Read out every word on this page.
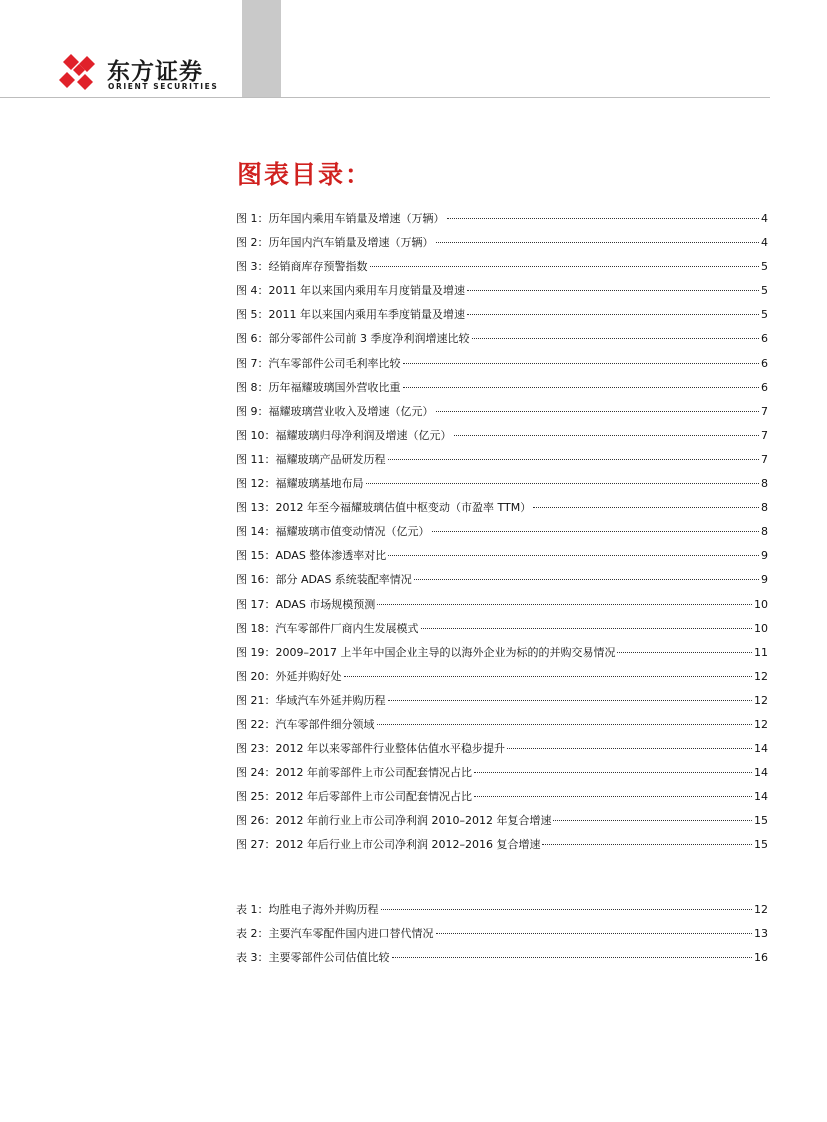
东方证券
ORIENT SECURITIES
图表目录：
图 1：历年国内乘用车销量及增速（万辆）	4
图 2：历年国内汽车销量及增速（万辆）	4
图 3：经销商库存预警指数	5
图 4：2011 年以来国内乘用车月度销量及增速	5
图 5：2011 年以来国内乘用车季度销量及增速	5
图 6：部分零部件公司前 3 季度净利润增速比较	6
图 7：汽车零部件公司毛利率比较	6
图 8：历年福耀玻璃国外营收比重	6
图 9：福耀玻璃营业收入及增速（亿元）	7
图 10：福耀玻璃归母净利润及增速（亿元）	7
图 11：福耀玻璃产品研发历程	7
图 12：福耀玻璃基地布局	8
图 13：2012 年至今福耀玻璃估值中枢变动（市盈率 TTM）	8
图 14：福耀玻璃市值变动情况（亿元）	8
图 15：ADAS 整体渗透率对比	9
图 16：部分 ADAS 系统装配率情况	9
图 17：ADAS 市场规模预测	10
图 18：汽车零部件厂商内生发展模式	10
图 19：2009–2017 上半年中国企业主导的以海外企业为标的的并购交易情况	11
图 20：外延并购好处	12
图 21：华域汽车外延并购历程	12
图 22：汽车零部件细分领域	12
图 23：2012 年以来零部件行业整体估值水平稳步提升	14
图 24：2012 年前零部件上市公司配套情况占比	14
图 25：2012 年后零部件上市公司配套情况占比	14
图 26：2012 年前行业上市公司净利润 2010–2012 年复合增速	15
图 27：2012 年后行业上市公司净利润 2012–2016 复合增速	15
表 1：均胜电子海外并购历程	12
表 2：主要汽车零配件国内进口替代情况	13
表 3：主要零部件公司估值比较	16
